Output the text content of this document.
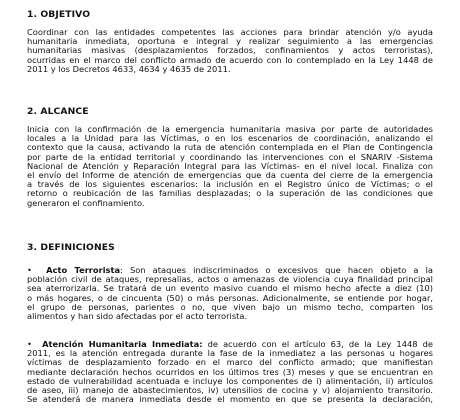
1. OBJETIVO
Coordinar con las entidades competentes las acciones para brindar atención y/o ayuda
humanitaria inmediata, oportuna e integral y realizar seguimiento a las emergencias
humanitarias masivas (desplazamientos forzados, confinamientos y actos terroristas),
ocurridas en el marco del conflicto armado de acuerdo con lo contemplado en la Ley 1448 de
2011 y los Decretos 4633, 4634 y 4635 de 2011.
2. ALCANCE
Inicia con la confirmación de la emergencia humanitaria masiva por parte de autoridades
locales a la Unidad para las Víctimas, o en los escenarios de coordinación, analizando el
contexto que la causa, activando la ruta de atención contemplada en el Plan de Contingencia
por parte de la entidad territorial y coordinando las intervenciones con el SNARIV -Sistema
Nacional de Atención y Reparación Integral para las Víctimas- en el nivel local. Finaliza con
el envío del Informe de atención de emergencias que da cuenta del cierre de la emergencia
a través de los siguientes escenarios: la inclusión en el Registro único de Víctimas; o el
retorno o reubicación de las familias desplazadas; o la superación de las condiciones que
generaron el confinamiento.
3. DEFINICIONES
• Acto Terrorista: Son ataques indiscriminados o excesivos que hacen objeto a la
población civil de ataques, represalias, actos o amenazas de violencia cuya finalidad principal
sea aterrorizarla. Se tratará de un evento masivo cuando el mismo hecho afecte a diez (10)
o más hogares, o de cincuenta (50) o más personas. Adicionalmente, se entiende por hogar,
el grupo de personas, parientes o no, que viven bajo un mismo techo, comparten los
alimentos y han sido afectadas por el acto terrorista.
• Atención Humanitaria Inmediata: de acuerdo con el artículo 63, de la Ley 1448 de
2011, es la atención entregada durante la fase de la inmediatez a las personas u hogares
víctimas de desplazamiento forzado en el marco del conflicto armado; que manifiestan
mediante declaración hechos ocurridos en los últimos tres (3) meses y que se encuentran en
estado de vulnerabilidad acentuada e incluye los componentes de i) alimentación, ii) artículos
de aseo, iii) manejo de abastecimientos, iv) utensilios de cocina y v) alojamiento transitorio.
Se atenderá de manera inmediata desde el momento en que se presenta la declaración,
